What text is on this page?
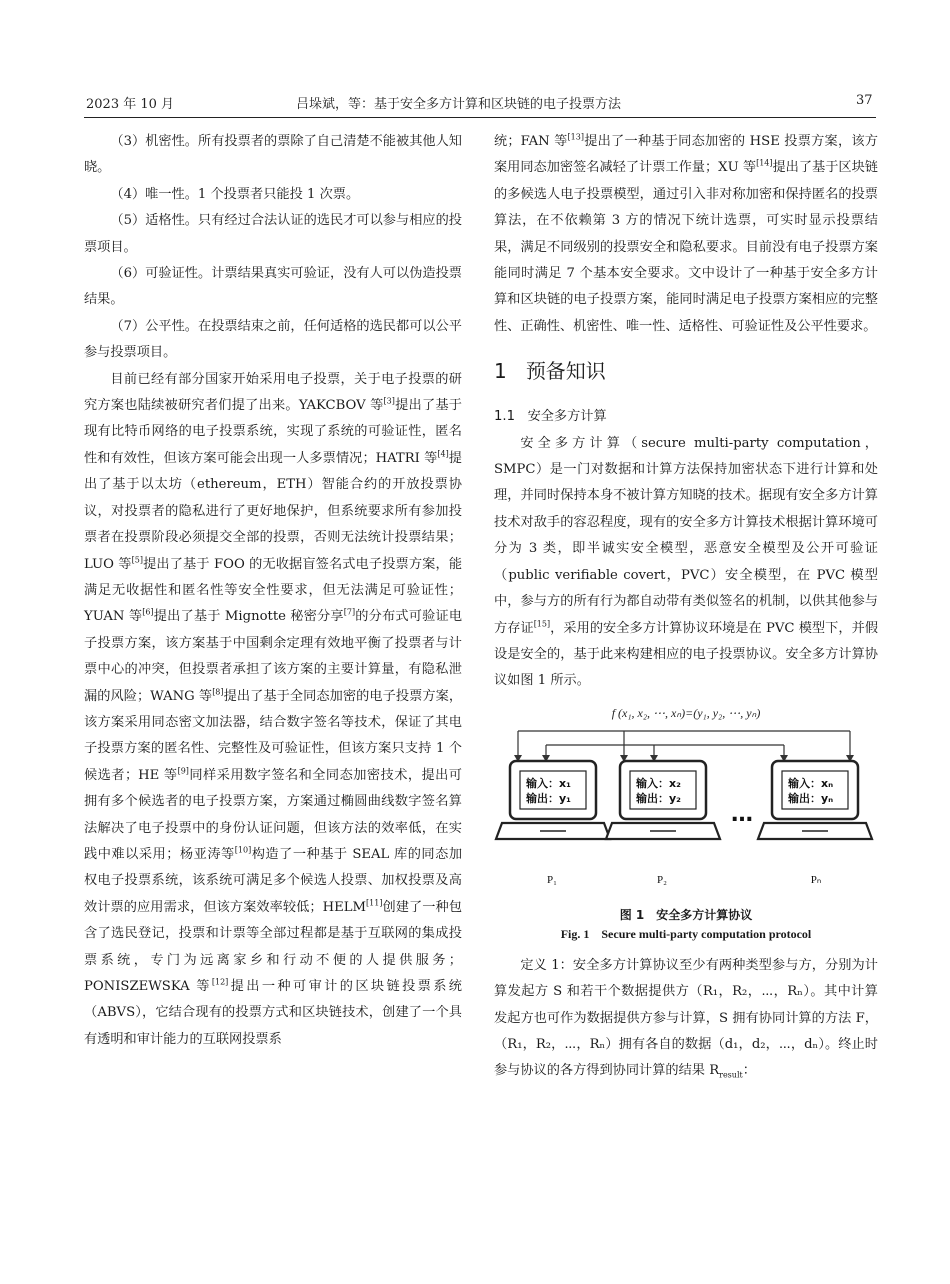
2023 年 10 月	吕垛斌，等：基于安全多方计算和区块链的电子投票方法	37

（3）机密性。所有投票者的票除了自己清楚不能被其他人知晓。

（4）唯一性。1 个投票者只能投 1 次票。

（5）适格性。只有经过合法认证的选民才可以参与相应的投票项目。

（6）可验证性。计票结果真实可验证，没有人可以伪造投票结果。

（7）公平性。在投票结束之前，任何适格的选民都可以公平参与投票项目。

目前已经有部分国家开始采用电子投票，关于电子投票的研究方案也陆续被研究者们提了出来。YAKCBOV 等[3]提出了基于现有比特币网络的电子投票系统，实现了系统的可验证性，匿名性和有效性，但该方案可能会出现一人多票情况；HATRI 等[4]提出了基于以太坊（ethereum，ETH）智能合约的开放投票协议，对投票者的隐私进行了更好地保护，但系统要求所有参加投票者在投票阶段必须提交全部的投票，否则无法统计投票结果；LUO 等[5]提出了基于 FOO 的无收据盲签名式电子投票方案，能满足无收据性和匿名性等安全性要求，但无法满足可验证性；YUAN 等[6]提出了基于 Mignotte 秘密分享[7]的分布式可验证电子投票方案，该方案基于中国剩余定理有效地平衡了投票者与计票中心的冲突，但投票者承担了该方案的主要计算量，有隐私泄漏的风险；WANG 等[8]提出了基于全同态加密的电子投票方案，该方案采用同态密文加法器，结合数字签名等技术，保证了其电子投票方案的匿名性、完整性及可验证性，但该方案只支持 1 个候选者；HE 等[9]同样采用数字签名和全同态加密技术，提出可拥有多个候选者的电子投票方案，方案通过椭圆曲线数字签名算法解决了电子投票中的身份认证问题，但该方法的效率低，在实践中难以采用；杨亚涛等[10]构造了一种基于 SEAL 库的同态加权电子投票系统，该系统可满足多个候选人投票、加权投票及高效计票的应用需求，但该方案效率较低；HELM[11]创建了一种包含了选民登记，投票和计票等全部过程都是基于互联网的集成投票系统，专门为远离家乡和行动不便的人提供服务；PONISZEWSKA 等[12]提出一种可审计的区块链投票系统（ABVS），它结合现有的投票方式和区块链技术，创建了一个具有透明和审计能力的互联网投票系

统；FAN 等[13]提出了一种基于同态加密的 HSE 投票方案，该方案用同态加密签名减轻了计票工作量；XU 等[14]提出了基于区块链的多候选人电子投票模型，通过引入非对称加密和保持匿名的投票算法，在不依赖第 3 方的情况下统计选票，可实时显示投票结果，满足不同级别的投票安全和隐私要求。目前没有电子投票方案能同时满足 7 个基本安全要求。文中设计了一种基于安全多方计算和区块链的电子投票方案，能同时满足电子投票方案相应的完整性、正确性、机密性、唯一性、适格性、可验证性及公平性要求。

1 预备知识

1.1 安全多方计算

安全多方计算（secure multi-party computation，SMPC）是一门对数据和计算方法保持加密状态下进行计算和处理，并同时保持本身不被计算方知晓的技术。据现有安全多方计算技术对敌手的容忍程度，现有的安全多方计算技术根据计算环境可分为 3 类，即半诚实安全模型，恶意安全模型及公开可验证（public verifiable covert，PVC）安全模型，在 PVC 模型中，参与方的所有行为都自动带有类似签名的机制，以供其他参与方存证[15]，采用的安全多方计算协议环境是在 PVC 模型下，并假设是安全的，基于此来构建相应的电子投票协议。安全多方计算协议如图 1 所示。

f (x₁, x₂, ⋯, xₙ)=(y₁, y₂, ⋯, yₙ)
输入：x₁
输出：y₁
P₁
输入：x₂
输出：y₂
P₂
…
输入：xₙ
输出：yₙ
Pₙ

图 1　安全多方计算协议

Fig. 1　Secure multi-party computation protocol

定义 1：安全多方计算协议至少有两种类型参与方，分别为计算发起方 S 和若干个数据提供方（R₁，R₂，⋯，Rₙ）。其中计算发起方也可作为数据提供方参与计算，S 拥有协同计算的方法 F，（R₁，R₂，⋯，Rₙ）拥有各自的数据（d₁，d₂，⋯，dₙ）。终止时参与协议的各方得到协同计算的结果 $R_{result}$：
